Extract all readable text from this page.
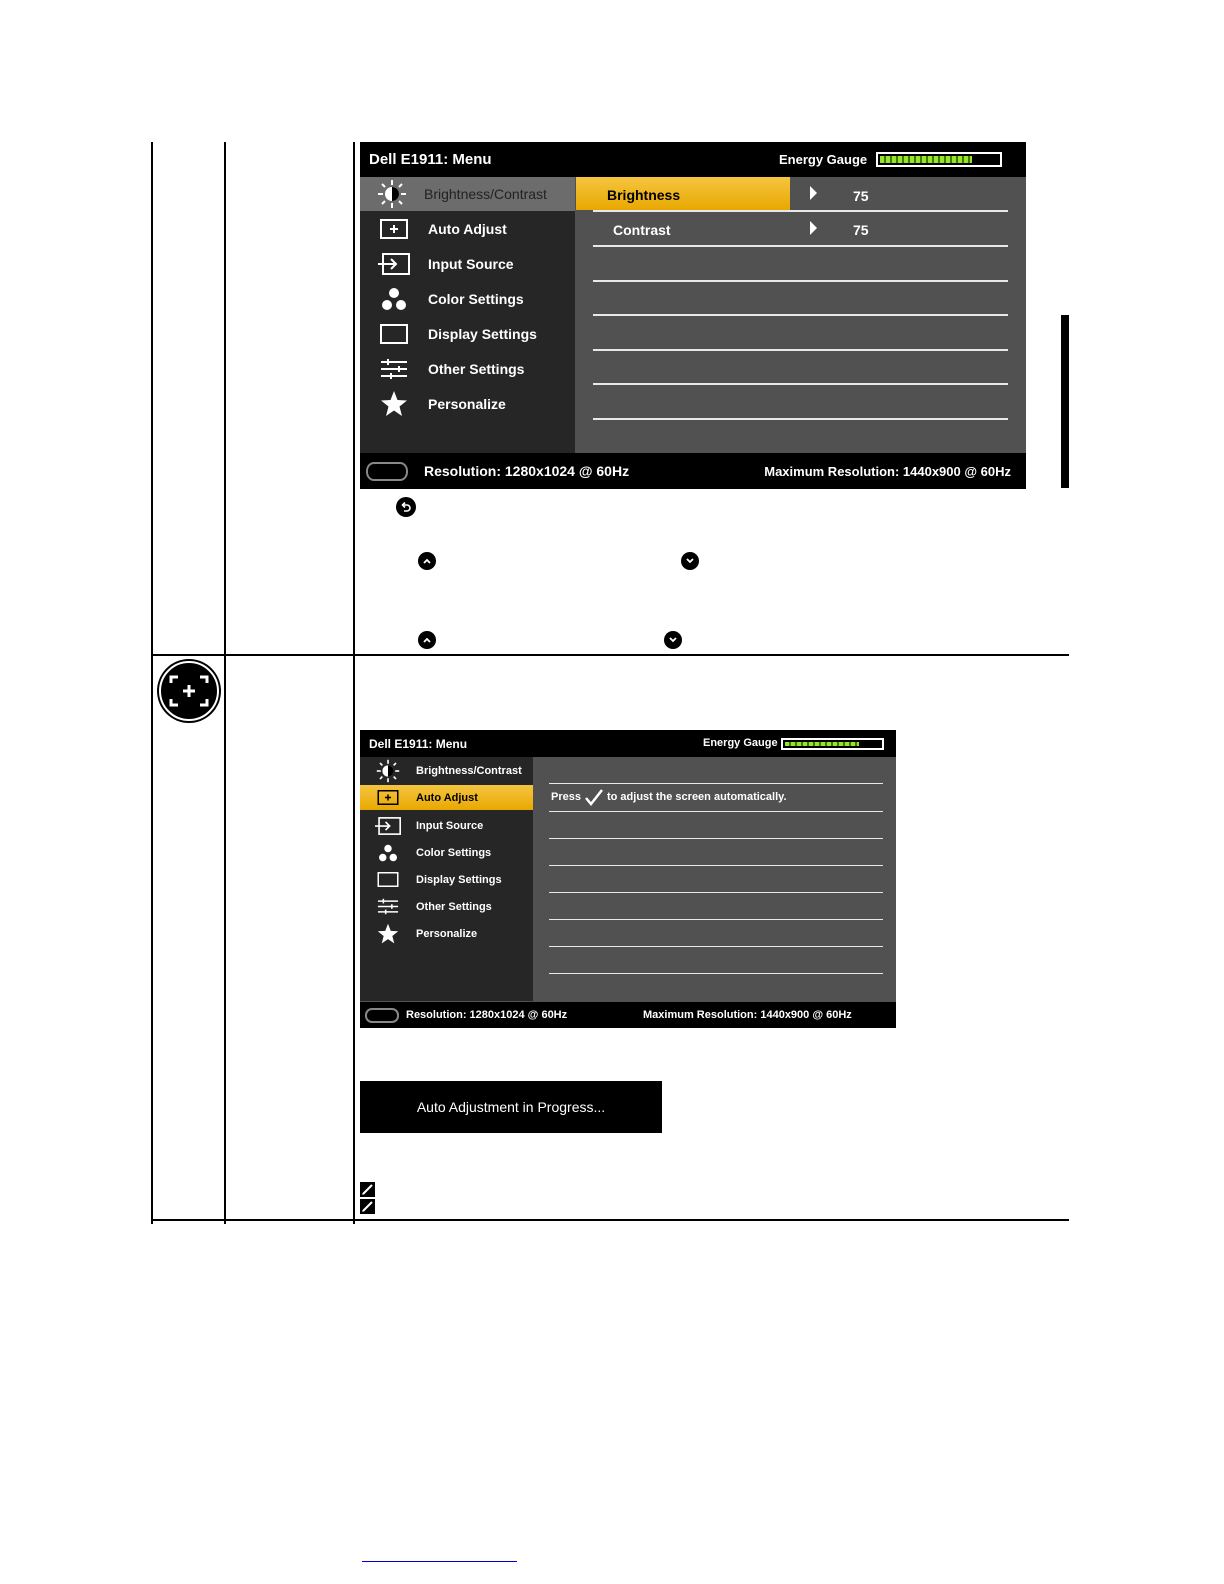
Dell E1911: Menu	Energy Gauge
Brightness/Contrast
Auto Adjust
Input Source
Color Settings
Display Settings
Other Settings
Personalize
Brightness	75
Contrast	75
Resolution: 1280x1024 @ 60Hz	Maximum Resolution: 1440x900 @ 60Hz
Dell E1911: Menu	Energy Gauge
Brightness/Contrast
Auto Adjust
Input Source
Color Settings
Display Settings
Other Settings
Personalize
Press to adjust the screen automatically.
Resolution: 1280x1024 @ 60Hz	Maximum Resolution: 1440x900 @ 60Hz
Auto Adjustment in Progress...
